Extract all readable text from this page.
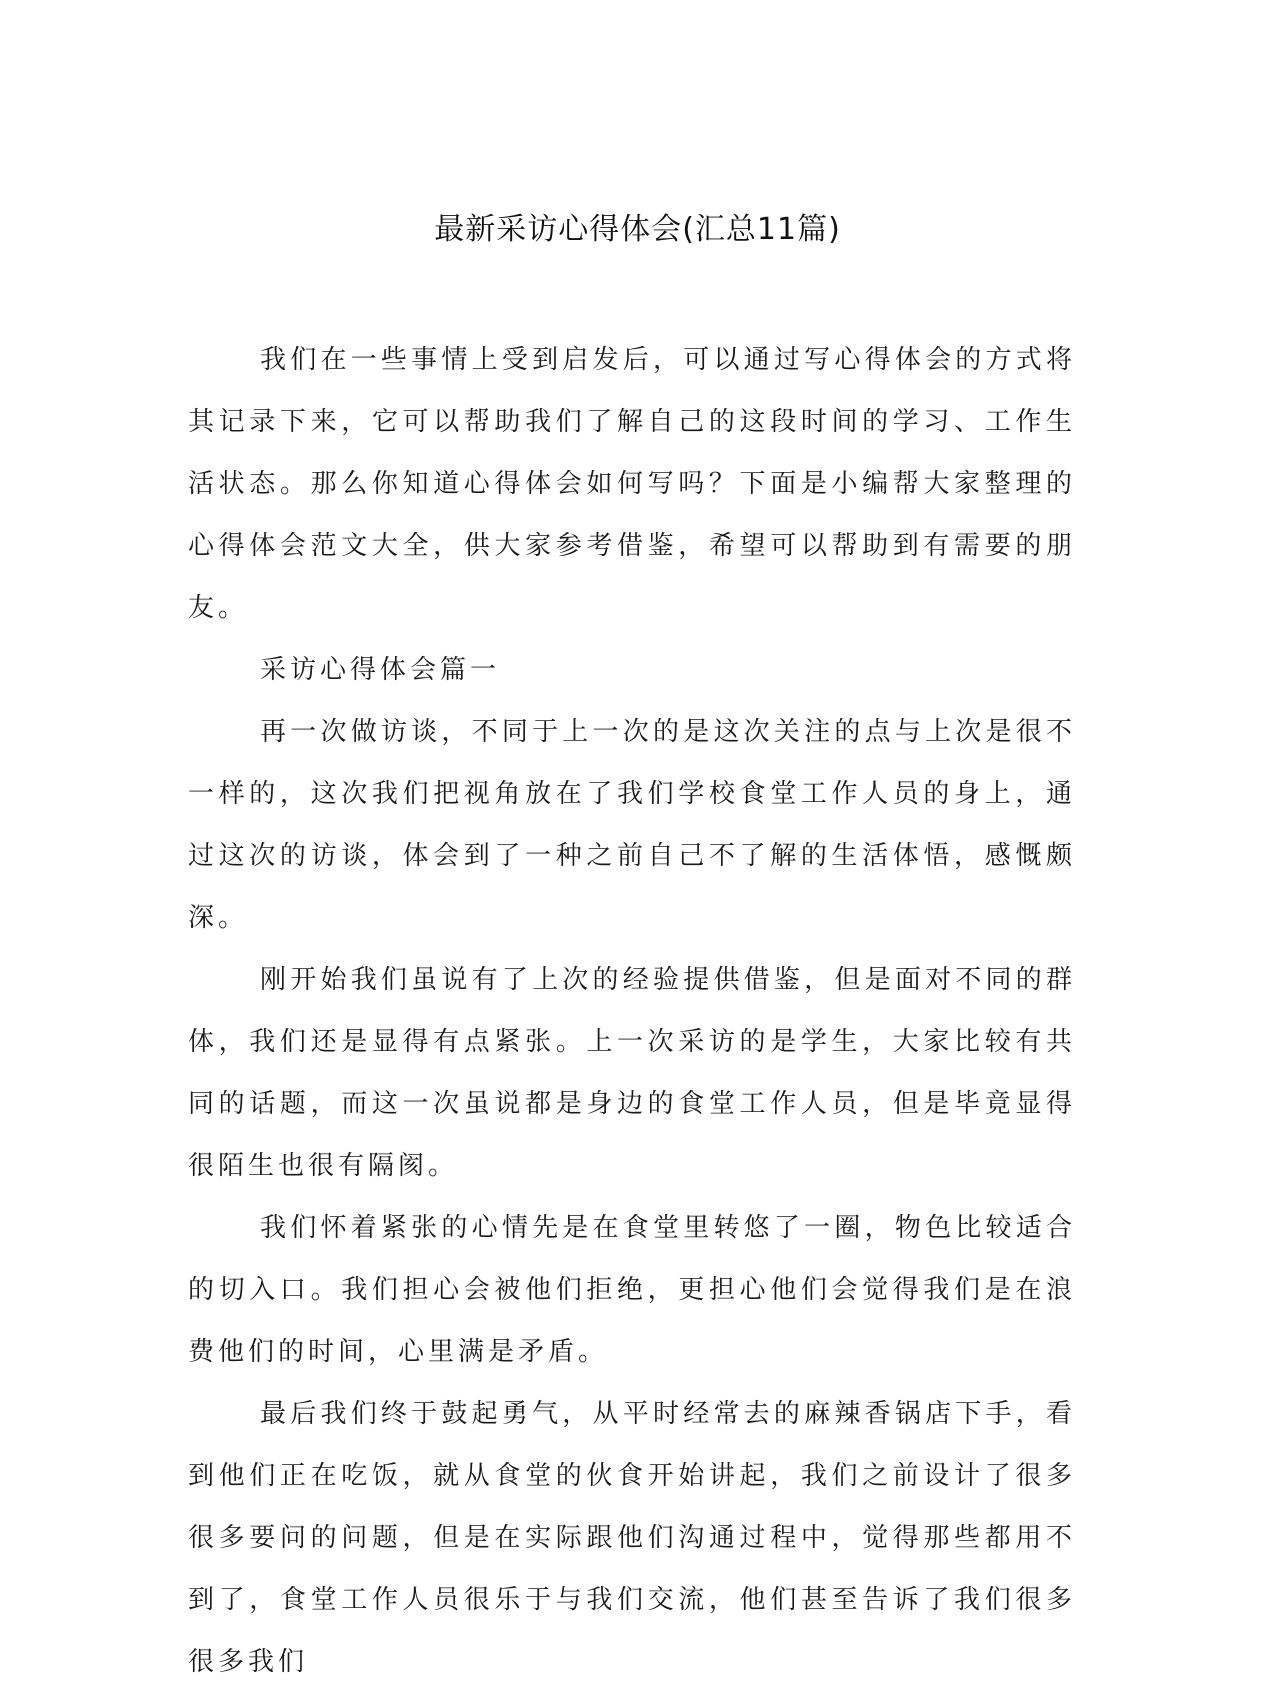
最新采访心得体会(汇总11篇)

我们在一些事情上受到启发后，可以通过写心得体会的方式将其记录下来，它可以帮助我们了解自己的这段时间的学习、工作生活状态。那么你知道心得体会如何写吗？下面是小编帮大家整理的心得体会范文大全，供大家参考借鉴，希望可以帮助到有需要的朋友。

采访心得体会篇一

再一次做访谈，不同于上一次的是这次关注的点与上次是很不一样的，这次我们把视角放在了我们学校食堂工作人员的身上，通过这次的访谈，体会到了一种之前自己不了解的生活体悟，感慨颇深。

刚开始我们虽说有了上次的经验提供借鉴，但是面对不同的群体，我们还是显得有点紧张。上一次采访的是学生，大家比较有共同的话题，而这一次虽说都是身边的食堂工作人员，但是毕竟显得很陌生也很有隔阂。

我们怀着紧张的心情先是在食堂里转悠了一圈，物色比较适合的切入口。我们担心会被他们拒绝，更担心他们会觉得我们是在浪费他们的时间，心里满是矛盾。

最后我们终于鼓起勇气，从平时经常去的麻辣香锅店下手，看到他们正在吃饭，就从食堂的伙食开始讲起，我们之前设计了很多很多要问的问题，但是在实际跟他们沟通过程中，觉得那些都用不到了，食堂工作人员很乐于与我们交流，他们甚至告诉了我们很多很多我们
